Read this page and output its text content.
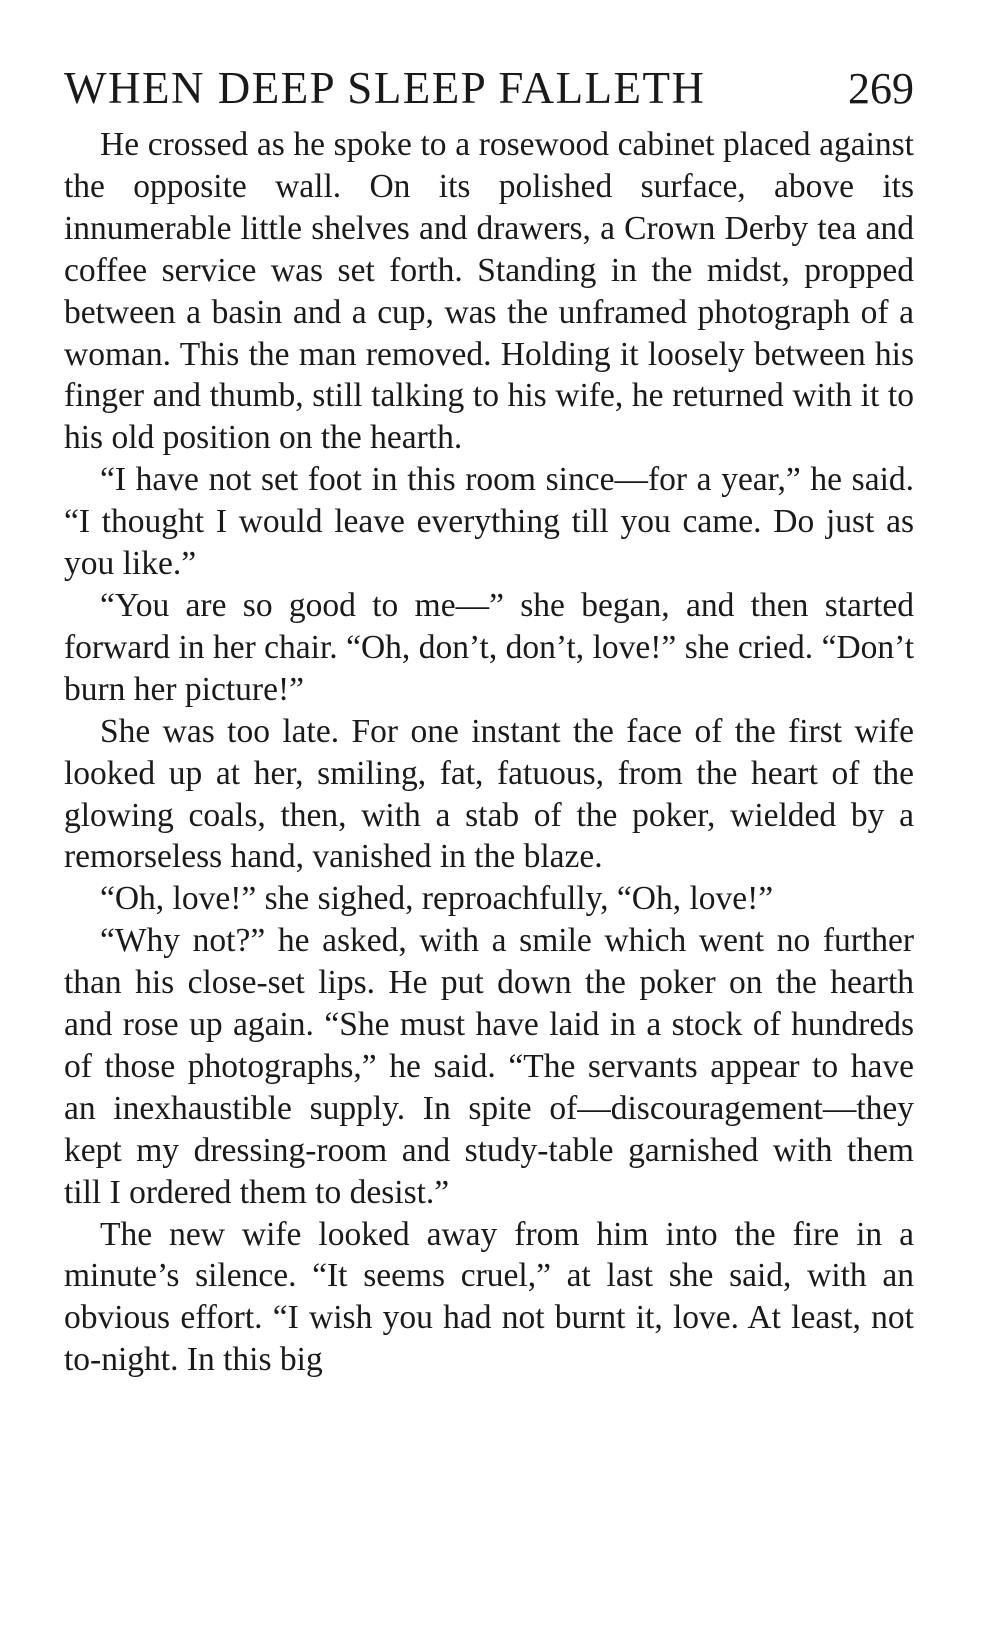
WHEN DEEP SLEEP FALLETH	269

He crossed as he spoke to a rosewood cabinet placed against the opposite wall. On its polished surface, above its innumerable little shelves and drawers, a Crown Derby tea and coffee service was set forth. Standing in the midst, propped between a basin and a cup, was the unframed photograph of a woman. This the man removed. Holding it loosely between his finger and thumb, still talking to his wife, he returned with it to his old position on the hearth.

“I have not set foot in this room since—for a year,” he said. “I thought I would leave everything till you came. Do just as you like.”

“You are so good to me—” she began, and then started forward in her chair. “Oh, don’t, don’t, love!” she cried. “Don’t burn her picture!”

She was too late. For one instant the face of the first wife looked up at her, smiling, fat, fatuous, from the heart of the glowing coals, then, with a stab of the poker, wielded by a remorseless hand, vanished in the blaze.

“Oh, love!” she sighed, reproachfully, “Oh, love!”

“Why not?” he asked, with a smile which went no further than his close-set lips. He put down the poker on the hearth and rose up again. “She must have laid in a stock of hundreds of those photographs,” he said. “The servants appear to have an inexhaustible supply. In spite of—discouragement—they kept my dressing-room and study-table garnished with them till I ordered them to desist.”

The new wife looked away from him into the fire in a minute’s silence. “It seems cruel,” at last she said, with an obvious effort. “I wish you had not burnt it, love. At least, not to-night. In this big
